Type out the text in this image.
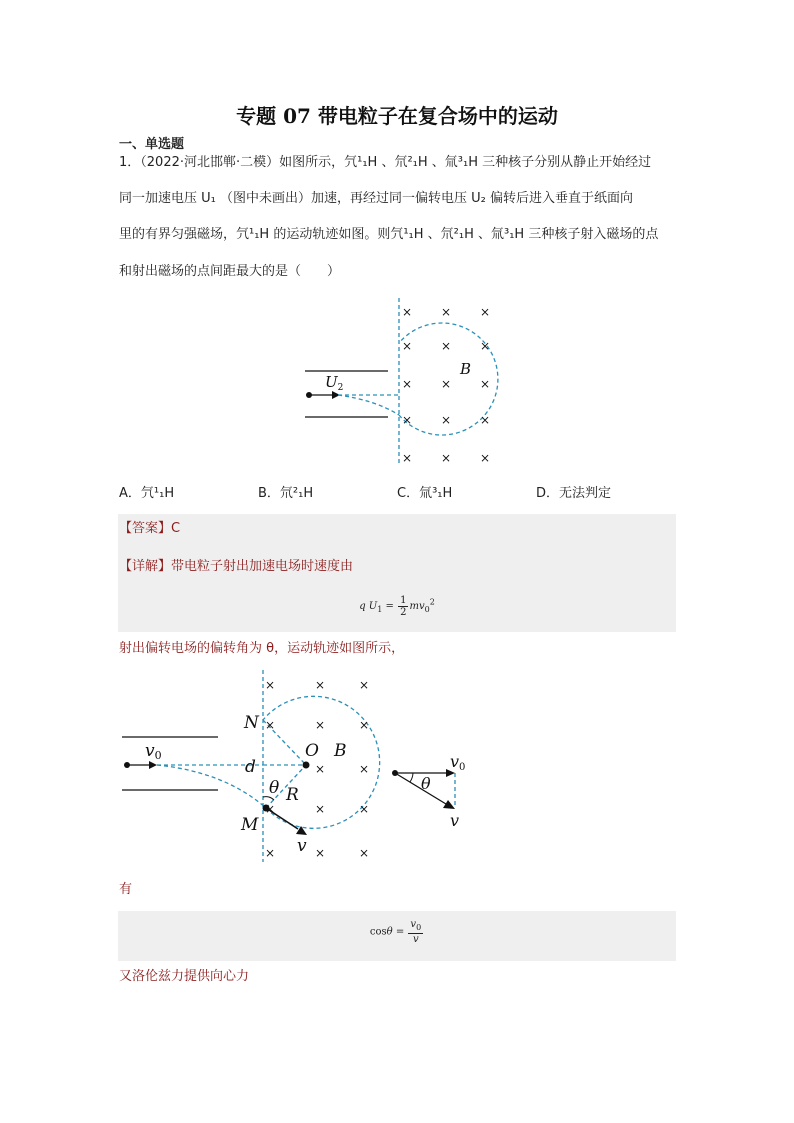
专题 07 带电粒子在复合场中的运动
一、单选题
1．（2022·河北邯郸·二模）如图所示，氕¹₁H 、氘²₁H 、氚³₁H 三种核子分别从静止开始经过
同一加速电压 U₁ （图中未画出）加速，再经过同一偏转电压 U₂ 偏转后进入垂直于纸面向
里的有界匀强磁场，氕¹₁H 的运动轨迹如图。则氕¹₁H 、氘²₁H 、氚³₁H 三种核子射入磁场的点
和射出磁场的点间距最大的是（　　）
× × ×
× × ×
× × ×
× × ×
× × ×
$U_2$
B
A．氕¹₁H	B．氘²₁H	C．氚³₁H	D．无法判定
【答案】C
【详解】带电粒子射出加速电场时速度由
q $U_1 = \frac{1}{2} mv_0^2$
射出偏转电场的偏转角为 θ，运动轨迹如图所示，
×	×	×
×	×	×
×	×
×	×	×
×	×	×
v0
N
O B
d
θ R
M
v
v0
θ
v
有
$\cos\theta = \frac{v_0}{v}$
又洛伦兹力提供向心力
